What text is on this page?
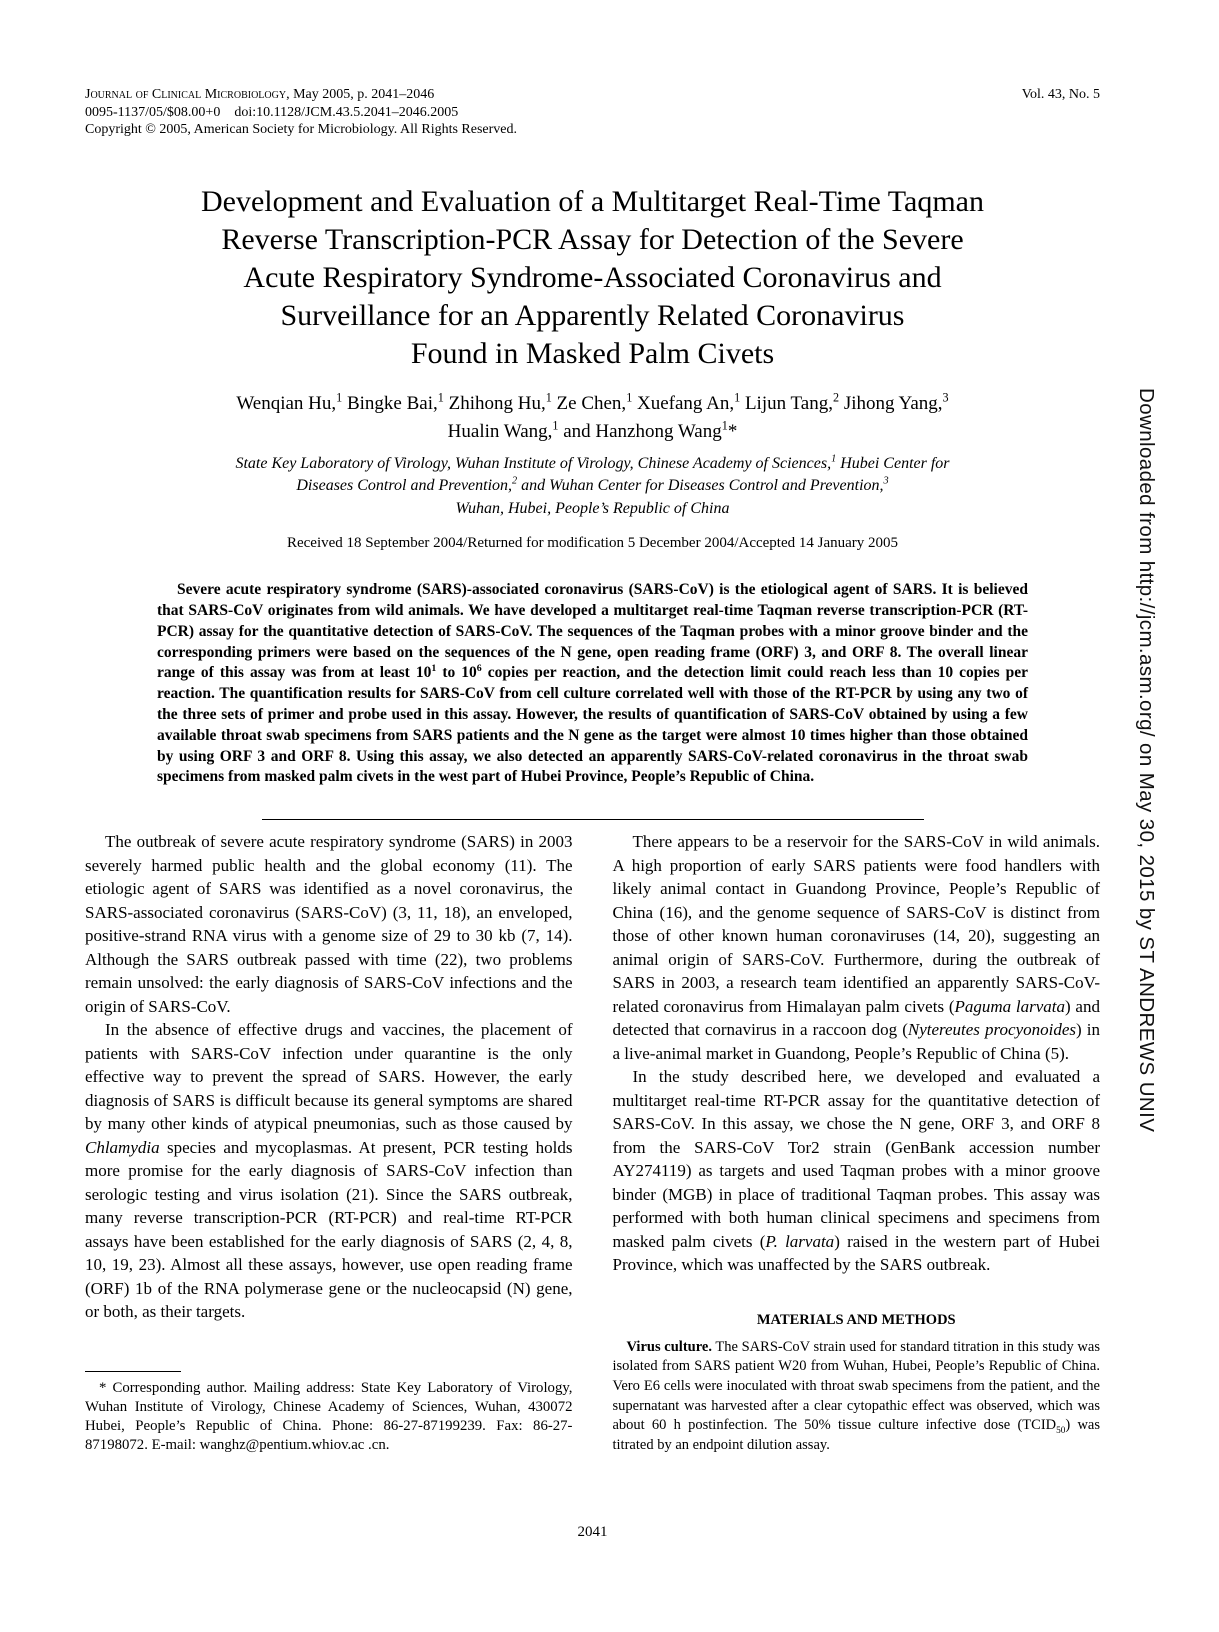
Journal of Clinical Microbiology, May 2005, p. 2041–2046
0095-1137/05/$08.00+0 doi:10.1128/JCM.43.5.2041–2046.2005
Copyright © 2005, American Society for Microbiology. All Rights Reserved.
Vol. 43, No. 5
Development and Evaluation of a Multitarget Real-Time Taqman
Reverse Transcription-PCR Assay for Detection of the Severe
Acute Respiratory Syndrome-Associated Coronavirus and
Surveillance for an Apparently Related Coronavirus
Found in Masked Palm Civets
Wenqian Hu,$^1$ Bingke Bai,$^1$ Zhihong Hu,$^1$ Ze Chen,$^1$ Xuefang An,$^1$ Lijun Tang,$^2$ Jihong Yang,$^3$
Hualin Wang,$^1$ and Hanzhong Wang$^1$*
State Key Laboratory of Virology, Wuhan Institute of Virology, Chinese Academy of Sciences,$^1$ Hubei Center for
Diseases Control and Prevention,$^2$ and Wuhan Center for Diseases Control and Prevention,$^3$
Wuhan, Hubei, People’s Republic of China
Received 18 September 2004/Returned for modification 5 December 2004/Accepted 14 January 2005
Severe acute respiratory syndrome (SARS)-associated coronavirus (SARS-CoV) is the etiological agent of SARS. It is believed that SARS-CoV originates from wild animals. We have developed a multitarget real-time Taqman reverse transcription-PCR (RT-PCR) assay for the quantitative detection of SARS-CoV. The sequences of the Taqman probes with a minor groove binder and the corresponding primers were based on the sequences of the N gene, open reading frame (ORF) 3, and ORF 8. The overall linear range of this assay was from at least $10^1$ to $10^6$ copies per reaction, and the detection limit could reach less than 10 copies per reaction. The quantification results for SARS-CoV from cell culture correlated well with those of the RT-PCR by using any two of the three sets of primer and probe used in this assay. However, the results of quantification of SARS-CoV obtained by using a few available throat swab specimens from SARS patients and the N gene as the target were almost 10 times higher than those obtained by using ORF 3 and ORF 8. Using this assay, we also detected an apparently SARS-CoV-related coronavirus in the throat swab specimens from masked palm civets in the west part of Hubei Province, People’s Republic of China.

The outbreak of severe acute respiratory syndrome (SARS) in 2003 severely harmed public health and the global economy (11). The etiologic agent of SARS was identified as a novel coronavirus, the SARS-associated coronavirus (SARS-CoV) (3, 11, 18), an enveloped, positive-strand RNA virus with a genome size of 29 to 30 kb (7, 14). Although the SARS outbreak passed with time (22), two problems remain unsolved: the early diagnosis of SARS-CoV infections and the origin of SARS-CoV.

In the absence of effective drugs and vaccines, the placement of patients with SARS-CoV infection under quarantine is the only effective way to prevent the spread of SARS. However, the early diagnosis of SARS is difficult because its general symptoms are shared by many other kinds of atypical pneumonias, such as those caused by Chlamydia species and mycoplasmas. At present, PCR testing holds more promise for the early diagnosis of SARS-CoV infection than serologic testing and virus isolation (21). Since the SARS outbreak, many reverse transcription-PCR (RT-PCR) and real-time RT-PCR assays have been established for the early diagnosis of SARS (2, 4, 8, 10, 19, 23). Almost all these assays, however, use open reading frame (ORF) 1b of the RNA polymerase gene or the nucleocapsid (N) gene, or both, as their targets.

* Corresponding author. Mailing address: State Key Laboratory of Virology, Wuhan Institute of Virology, Chinese Academy of Sciences, Wuhan, 430072 Hubei, People’s Republic of China. Phone: 86-27-87199239. Fax: 86-27-87198072. E-mail: wanghz@pentium.whiov.ac .cn.

There appears to be a reservoir for the SARS-CoV in wild animals. A high proportion of early SARS patients were food handlers with likely animal contact in Guandong Province, People’s Republic of China (16), and the genome sequence of SARS-CoV is distinct from those of other known human coronaviruses (14, 20), suggesting an animal origin of SARS-CoV. Furthermore, during the outbreak of SARS in 2003, a research team identified an apparently SARS-CoV-related coronavirus from Himalayan palm civets (Paguma larvata) and detected that cornavirus in a raccoon dog (Nytereutes procyonoides) in a live-animal market in Guandong, People’s Republic of China (5).

In the study described here, we developed and evaluated a multitarget real-time RT-PCR assay for the quantitative detection of SARS-CoV. In this assay, we chose the N gene, ORF 3, and ORF 8 from the SARS-CoV Tor2 strain (GenBank accession number AY274119) as targets and used Taqman probes with a minor groove binder (MGB) in place of traditional Taqman probes. This assay was performed with both human clinical specimens and specimens from masked palm civets (P. larvata) raised in the western part of Hubei Province, which was unaffected by the SARS outbreak.

MATERIALS AND METHODS

Virus culture. The SARS-CoV strain used for standard titration in this study was isolated from SARS patient W20 from Wuhan, Hubei, People’s Republic of China. Vero E6 cells were inoculated with throat swab specimens from the patient, and the supernatant was harvested after a clear cytopathic effect was observed, which was about 60 h postinfection. The 50% tissue culture infective dose $(TCID_{50})$ was titrated by an endpoint dilution assay.

2041
Downloaded from http://jcm.asm.org/ on May 30, 2015 by ST ANDREWS UNIV
